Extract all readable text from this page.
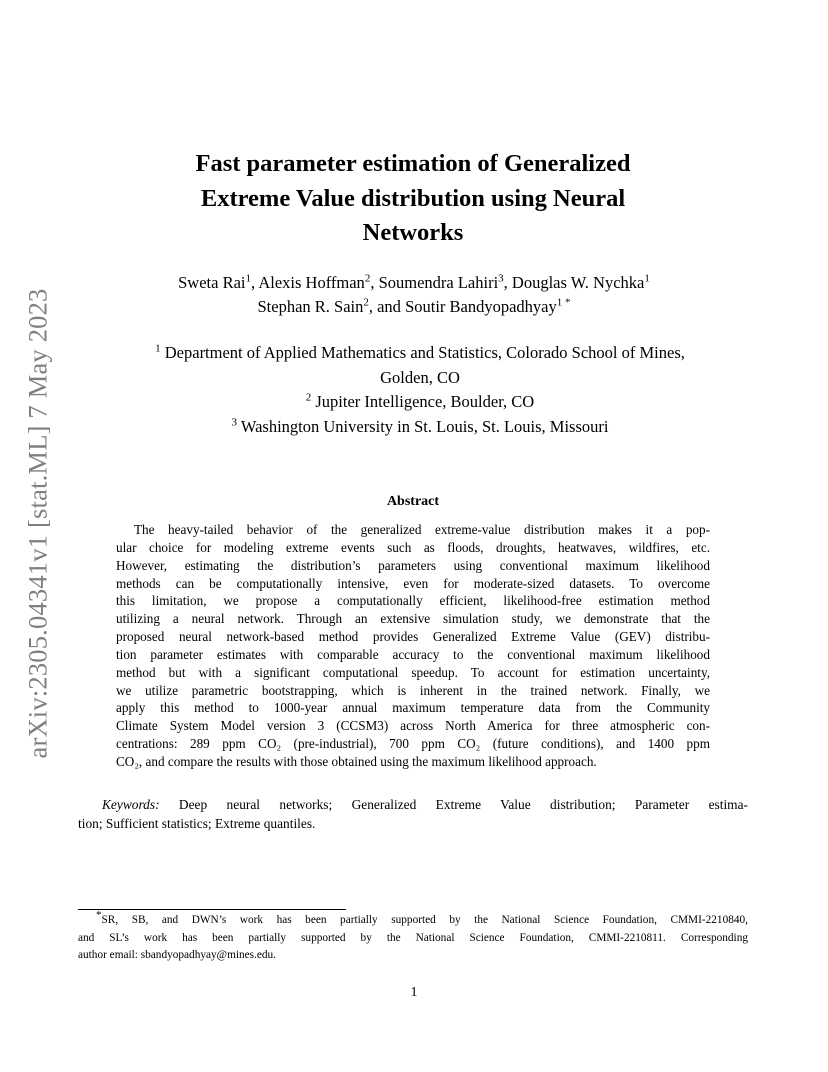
arXiv:2305.04341v1 [stat.ML] 7 May 2023
Fast parameter estimation of Generalized
Extreme Value distribution using Neural
Networks
Sweta Rai$^1$, Alexis Hoffman$^2$, Soumendra Lahiri$^3$, Douglas W. Nychka$^1$
Stephan R. Sain$^2$, and Soutir Bandyopadhyay$^{1 *}$
$^1$ Department of Applied Mathematics and Statistics, Colorado School of Mines,
Golden, CO
$^2$ Jupiter Intelligence, Boulder, CO
$^3$ Washington University in St. Louis, St. Louis, Missouri
Abstract
The heavy-tailed behavior of the generalized extreme-value distribution makes it a pop-
ular choice for modeling extreme events such as floods, droughts, heatwaves, wildfires, etc.
However, estimating the distribution’s parameters using conventional maximum likelihood
methods can be computationally intensive, even for moderate-sized datasets. To overcome
this limitation, we propose a computationally efficient, likelihood-free estimation method
utilizing a neural network. Through an extensive simulation study, we demonstrate that the
proposed neural network-based method provides Generalized Extreme Value (GEV) distribu-
tion parameter estimates with comparable accuracy to the conventional maximum likelihood
method but with a significant computational speedup. To account for estimation uncertainty,
we utilize parametric bootstrapping, which is inherent in the trained network. Finally, we
apply this method to 1000-year annual maximum temperature data from the Community
Climate System Model version 3 (CCSM3) across North America for three atmospheric con-
centrations: 289 ppm CO₂ (pre-industrial), 700 ppm CO₂ (future conditions), and 1400 ppm
CO₂, and compare the results with those obtained using the maximum likelihood approach.
Keywords: Deep neural networks; Generalized Extreme Value distribution; Parameter estima-
tion; Sufficient statistics; Extreme quantiles.
*SR, SB, and DWN’s work has been partially supported by the National Science Foundation, CMMI-2210840,
and SL’s work has been partially supported by the National Science Foundation, CMMI-2210811. Corresponding
author email: sbandyopadhyay@mines.edu.
1
